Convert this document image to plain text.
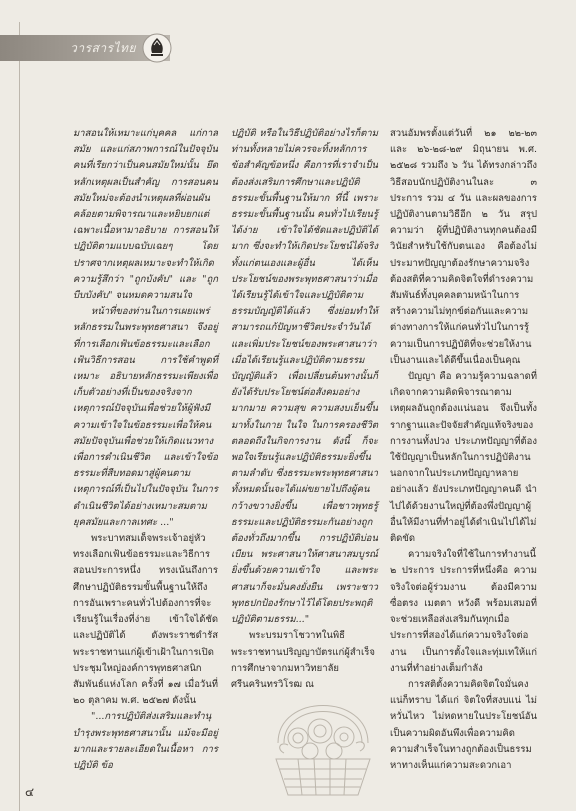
วารสารไทย

มาสอนให้เหมาะแก่บุคคล แก่กาลสมัย และแก่สภาพการณ์ในปัจจุบัน คนที่เรียกว่าเป็นคนสมัยใหม่นั้น ยึดหลักเหตุผลเป็นสำคัญ การสอนคนสมัยใหม่จะต้องนำเหตุผลที่ผ่อนผันคล้อยตามพิจารณาและหยิบยกแต่เฉพาะเนื้อหามาอธิบาย การสอนให้ปฏิบัติตามแบบฉบับเฉยๆ โดยปราศจากเหตุผลเหมาะจะทำให้เกิดความรู้สึกว่า "ถูกบังคับ" และ "ถูกบีบบังคับ" จนหมดความสนใจ

หน้าที่ของท่านในการเผยแพร่หลักธรรมในพระพุทธศาสนา จึงอยู่ที่การเลือกเฟ้นข้อธรรมะและเลือกเฟ้นวิธีการสอน การใช้คำพูดที่เหมาะ อธิบายหลักธรรมะเพียงเพื่อเก็บตัวอย่างที่เป็นของจริงจากเหตุการณ์ปัจจุบันเพื่อช่วยให้ผู้ฟังมีความเข้าใจในข้อธรรมะเพื่อให้คนสมัยปัจจุบันเพื่อช่วยให้เกิดแนวทางเพื่อการดำเนินชีวิต และเข้าใจข้อธรรมะที่สืบทอดมาสู่ผู้คนตามเหตุการณ์ที่เป็นไปในปัจจุบัน ในการดำเนินชีวิตได้อย่างเหมาะสมตามยุคสมัยและกาลเทศะ ..."

พระบาทสมเด็จพระเจ้าอยู่หัวทรงเลือกเฟ้นข้อธรรมะและวิธีการสอนประการหนึ่ง ทรงเน้นถึงการศึกษาปฏิบัติธรรมขั้นพื้นฐานให้ถึงการอันเพราะคนทั่วไปต้องการที่จะเรียนรู้ในเรื่องที่ง่าย เข้าใจได้ชัด และปฏิบัติได้ ดังพระราชดำรัสพระราชทานแก่ผู้เข้าเฝ้าในการเปิดประชุมใหญ่องค์การพุทธศาสนิกสัมพันธ์แห่งโลก ครั้งที่ ๑๗ เมื่อวันที่ ๒๐ ตุลาคม พ.ศ. ๒๕๒๗ ดังนั้น

"...การปฏิบัติส่งเสริมและทำนุบำรุงพระพุทธศาสนานั้น แม้จะมีอยู่มากและรายละเอียดในเนื้อหา การปฏิบัติ ข้อ

ปฏิบัติ หรือในวิธีปฏิบัติอย่างไรก็ตาม ท่านทั้งหลายไม่ควรจะทิ้งหลักการข้อสำคัญข้อหนึ่ง คือการที่เราจำเป็นต้องส่งเสริมการศึกษาและปฏิบัติธรรมะขั้นพื้นฐานให้มาก ที่นี้ เพราะธรรมะขั้นพื้นฐานนั้น คนทั่วไปเรียนรู้ได้ง่าย เข้าใจได้ชัดและปฏิบัติได้มาก ซึ่งจะทำให้เกิดประโยชน์ได้จริงทั้งแก่ตนเองและผู้อื่น ได้เห็นประโยชน์ของพระพุทธศาสนาว่าเมื่อได้เรียนรู้ได้เข้าใจและปฏิบัติตามธรรมบัญญัติได้แล้ว ซึ่งย่อมทำให้สามารถแก้ปัญหาชีวิตประจำวันได้ และเพิ่มประโยชน์ของพระศาสนาว่าเมื่อได้เรียนรู้และปฏิบัติตามธรรมบัญญัติแล้ว เพื่อเปลี่ยนต้นทางนั้นก็ยังได้รับประโยชน์ต่อสังคมอย่างมากมาย ความสุข ความสงบเย็นขึ้นมาทั้งในกาย ในใจ ในการครองชีวิต ตลอดถึงในกิจการงาน ดังนี้ ก็จะพอใจเรียนรู้และปฏิบัติธรรมะยิ่งขึ้นตามลำดับ ซึ่งธรรมะพระพุทธศาสนาทั้งหมดนั้นจะได้แผ่ขยายไปถึงผู้คนกว้างขวางยิ่งขึ้น เพื่อชาวพุทธรู้ธรรมะและปฏิบัติธรรมะกันอย่างถูกต้องทั่วถึงมากขึ้น การปฏิบัติบ่อนเบียน พระศาสนาให้ศาสนาสมบูรณ์ ยิ่งขึ้นด้วยความเข้าใจ และพระศาสนาก็จะมั่นคงยั่งยืน เพราะชาวพุทธปกป้องรักษาไว้ได้โดยประพฤติปฏิบัติตามธรรม..."

พระบรมราโชวาทในพิธีพระราชทานปริญญาบัตรแก่ผู้สำเร็จการศึกษาจากมหาวิทยาลัยศรีนครินทรวิโรฒ ณ

สวนอัมพรตั้งแต่วันที่ ๒๑ ๒๒-๒๓ และ ๒๖-๒๘-๒๙ มิถุนายน พ.ศ. ๒๕๒๘ รวมถึง ๖ วัน ได้ทรงกล่าวถึงวิธีสอบนักปฏิบัติงานในละ ๓ ประการ รวม ๔ วัน และผลของการปฏิบัติงานตามวิธีอีก ๒ วัน สรุปความว่า ผู้ที่ปฏิบัติงานทุกคนต้องมีวินัยสำหรับใช้กับตนเอง คือต้องไม่ประมาทปัญญาต้องรักษาความจริง ต้องสติที่ความคิดจิตใจที่ดำรงความสัมพันธ์ทั้งบุคคลตามหน้าในการสร้างความไม่ทุกข์ต่อกันและความต่างทางการให้แก่คนทั่วไปในการรู้ความเป็นการปฏิบัติที่จะช่วยให้งานเป็นงานและได้ดีขึ้นเนื่องเป็นคุณ

ปัญญา คือ ความรู้ความฉลาดที่เกิดจากความคิดพิจารณาตามเหตุผลอันถูกต้องแน่นอน จึงเป็นทั้งรากฐานและปัจจัยสำคัญแท้จริงของการงานทั้งปวง ประเภทปัญญาที่ต้องใช้ปัญญาเป็นหลักในการปฏิบัติงาน นอกจากในประเภทปัญญาหลายอย่างแล้ว ยังประเภทปัญญาคนดี นำไปได้ด้วยงานใหญ่ที่ต้องพึ่งปัญญาผู้อื่นให้มีงานที่ทำอยู่ได้ดำเนินไปได้ไม่ติดขัด

ความจริงใจที่ใช้ในการทำงานนี้ ๒ ประการ ประการที่หนึ่งคือ ความจริงใจต่อผู้ร่วมงาน ต้องมีความซื่อตรง เมตตา หวังดี พร้อมเสมอที่จะช่วยเหลือส่งเสริมกันทุกเมื่อ ประการที่สองได้แก่ความจริงใจต่องาน เป็นการตั้งใจและทุ่มเทให้แก่งานที่ทำอย่างเต็มกำลัง

การสติตั้งความคิดจิตใจมั่นคงแน่ก็ทราบ ได้แก่ จิตใจที่สงบแน่ ไม่หวั่นไหว ไม่หดหายในประโยชน์อันเป็นความผิดอันพึงเพื่อความคิดความสำเร็จในทางถูกต้องเป็นธรรม หาทางเห็นแก่ความสะดวกเอา

๔
